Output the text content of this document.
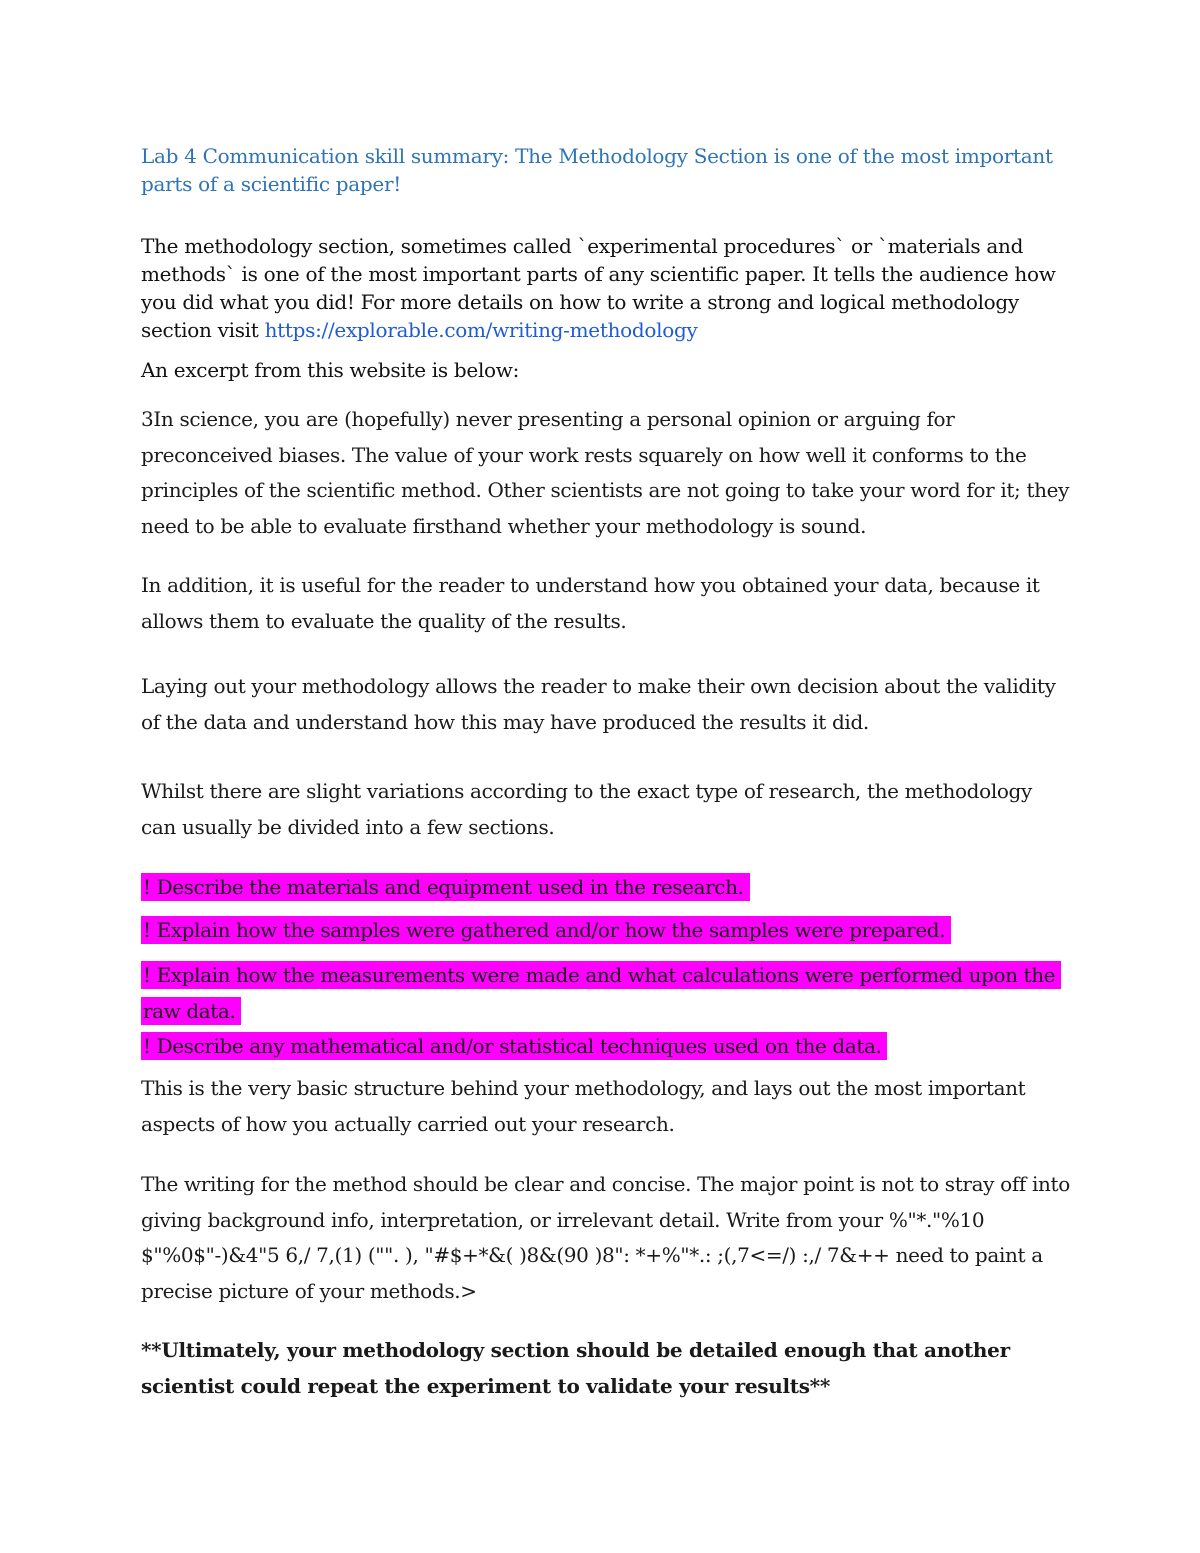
Lab 4 Communication skill summary: The Methodology Section is one of the most important parts of a scientific paper!
The methodology section, sometimes called `experimental procedures` or `materials and methods` is one of the most important parts of any scientific paper. It tells the audience how you did what you did! For more details on how to write a strong and logical methodology section visit https://explorable.com/writing-methodology
An excerpt from this website is below:
3In science, you are (hopefully) never presenting a personal opinion or arguing for preconceived biases. The value of your work rests squarely on how well it conforms to the principles of the scientific method. Other scientists are not going to take your word for it; they need to be able to evaluate firsthand whether your methodology is sound.
In addition, it is useful for the reader to understand how you obtained your data, because it allows them to evaluate the quality of the results.
Laying out your methodology allows the reader to make their own decision about the validity of the data and understand how this may have produced the results it did.
Whilst there are slight variations according to the exact type of research, the methodology can usually be divided into a few sections.
! Describe the materials and equipment used in the research.
! Explain how the samples were gathered and/or how the samples were prepared.
! Explain how the measurements were made and what calculations were performed upon the raw data.
! Describe any mathematical and/or statistical techniques used on the data.
This is the very basic structure behind your methodology, and lays out the most important aspects of how you actually carried out your research.
The writing for the method should be clear and concise. The major point is not to stray off into giving background info, interpretation, or irrelevant detail. Write from your %"*."%10 $"%0$"-)&4"5 6,/ 7,(1) ("". ), "#$+*&( )8&(90 )8": *+%"*.: ;(,7<=/) :,/ 7&++ need to paint a precise picture of your methods.>
**Ultimately, your methodology section should be detailed enough that another scientist could repeat the experiment to validate your results**
